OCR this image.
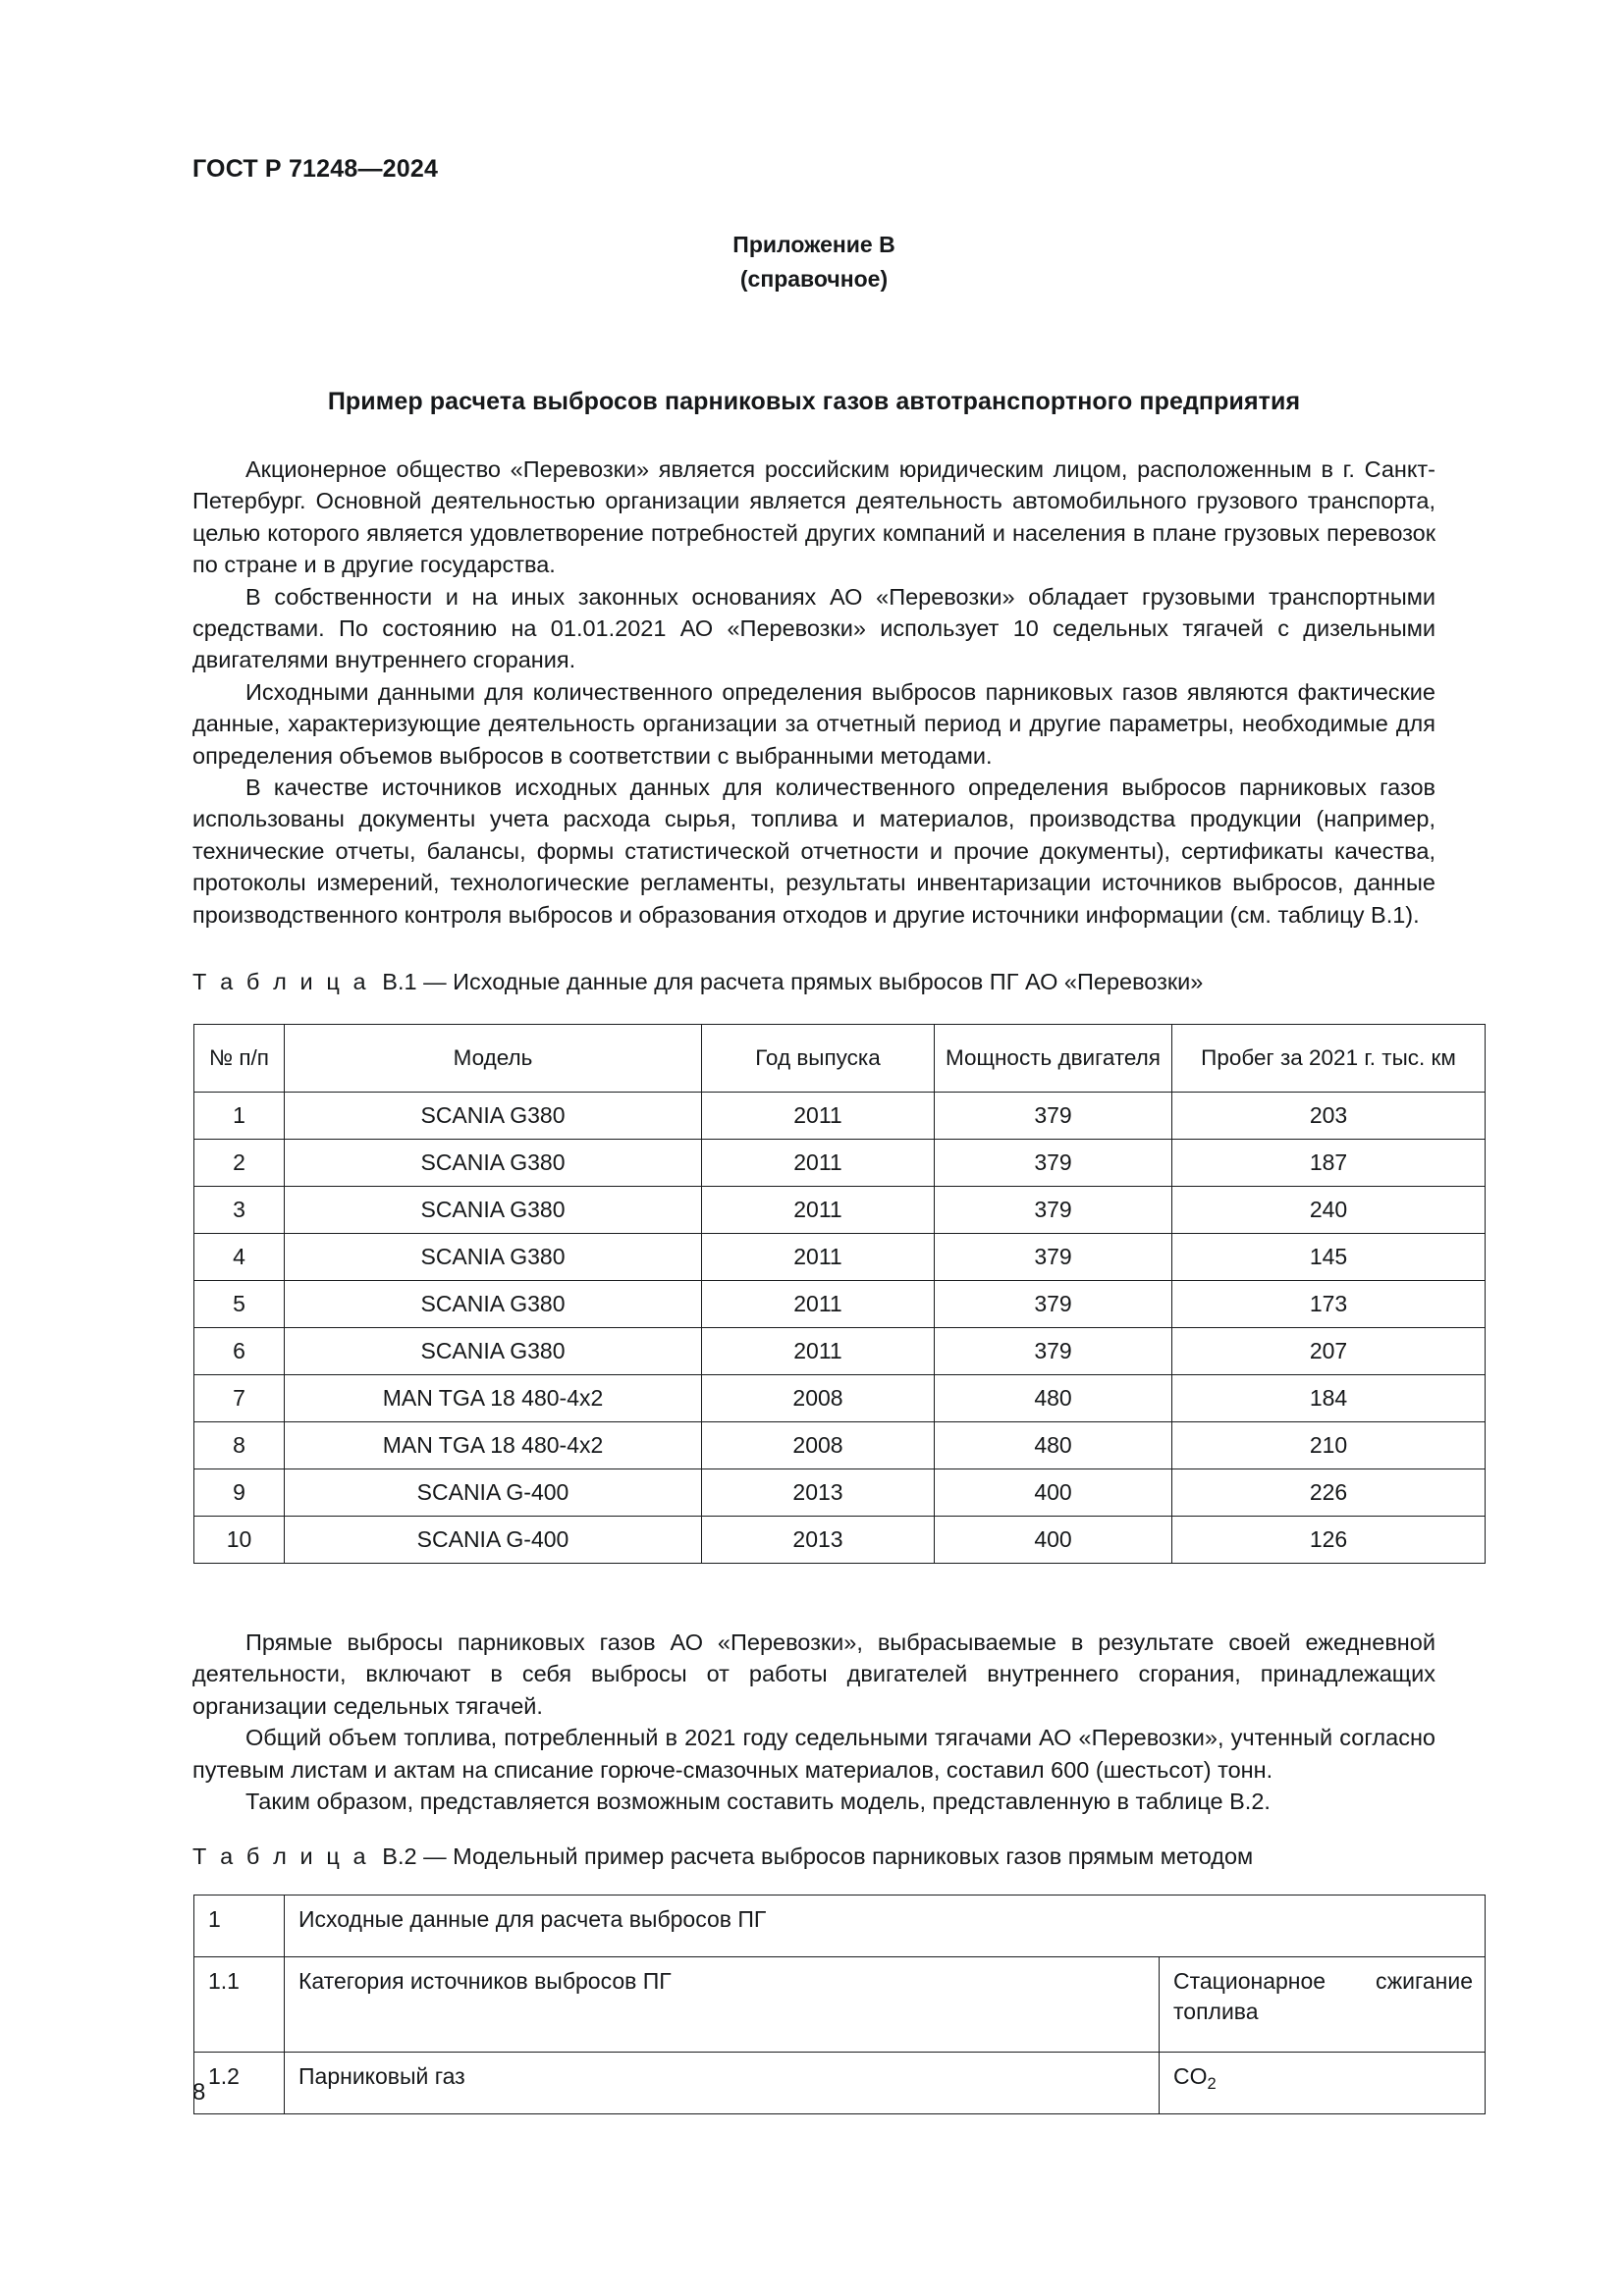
ГОСТ Р 71248—2024
Приложение В
(справочное)
Пример расчета выбросов парниковых газов автотранспортного предприятия

Акционерное общество «Перевозки» является российским юридическим лицом, расположенным в г. Санкт-Петербург. Основной деятельностью организации является деятельность автомобильного грузового транспорта, целью которого является удовлетворение потребностей других компаний и населения в плане грузовых перевозок по стране и в другие государства.

В собственности и на иных законных основаниях АО «Перевозки» обладает грузовыми транспортными средствами. По состоянию на 01.01.2021 АО «Перевозки» использует 10 седельных тягачей с дизельными двигателями внутреннего сгорания.

Исходными данными для количественного определения выбросов парниковых газов являются фактические данные, характеризующие деятельность организации за отчетный период и другие параметры, необходимые для определения объемов выбросов в соответствии с выбранными методами.

В качестве источников исходных данных для количественного определения выбросов парниковых газов использованы документы учета расхода сырья, топлива и материалов, производства продукции (например, технические отчеты, балансы, формы статистической отчетности и прочие документы), сертификаты качества, протоколы измерений, технологические регламенты, результаты инвентаризации источников выбросов, данные производственного контроля выбросов и образования отходов и другие источники информации (см. таблицу В.1).

Т а б л и ц а В.1 — Исходные данные для расчета прямых выбросов ПГ АО «Перевозки»
№ п/п	Модель	Год выпуска	Мощность двигателя	Пробег за 2021 г. тыс. км
1	SCANIA G380	2011	379	203
2	SCANIA G380	2011	379	187
3	SCANIA G380	2011	379	240
4	SCANIA G380	2011	379	145
5	SCANIA G380	2011	379	173
6	SCANIA G380	2011	379	207
7	MAN TGA 18 480-4x2	2008	480	184
8	MAN TGA 18 480-4x2	2008	480	210
9	SCANIA G-400	2013	400	226
10	SCANIA G-400	2013	400	126

Прямые выбросы парниковых газов АО «Перевозки», выбрасываемые в результате своей ежедневной деятельности, включают в себя выбросы от работы двигателей внутреннего сгорания, принадлежащих организации седельных тягачей.

Общий объем топлива, потребленный в 2021 году седельными тягачами АО «Перевозки», учтенный согласно путевым листам и актам на списание горюче-смазочных материалов, составил 600 (шестьсот) тонн.

Таким образом, представляется возможным составить модель, представленную в таблице В.2.

Т а б л и ц а В.2 — Модельный пример расчета выбросов парниковых газов прямым методом
1	Исходные данные для расчета выбросов ПГ	
1.1	Категория источников выбросов ПГ	Стационарное сжигание топлива
1.2	Парниковый газ	$CO_2$
8
